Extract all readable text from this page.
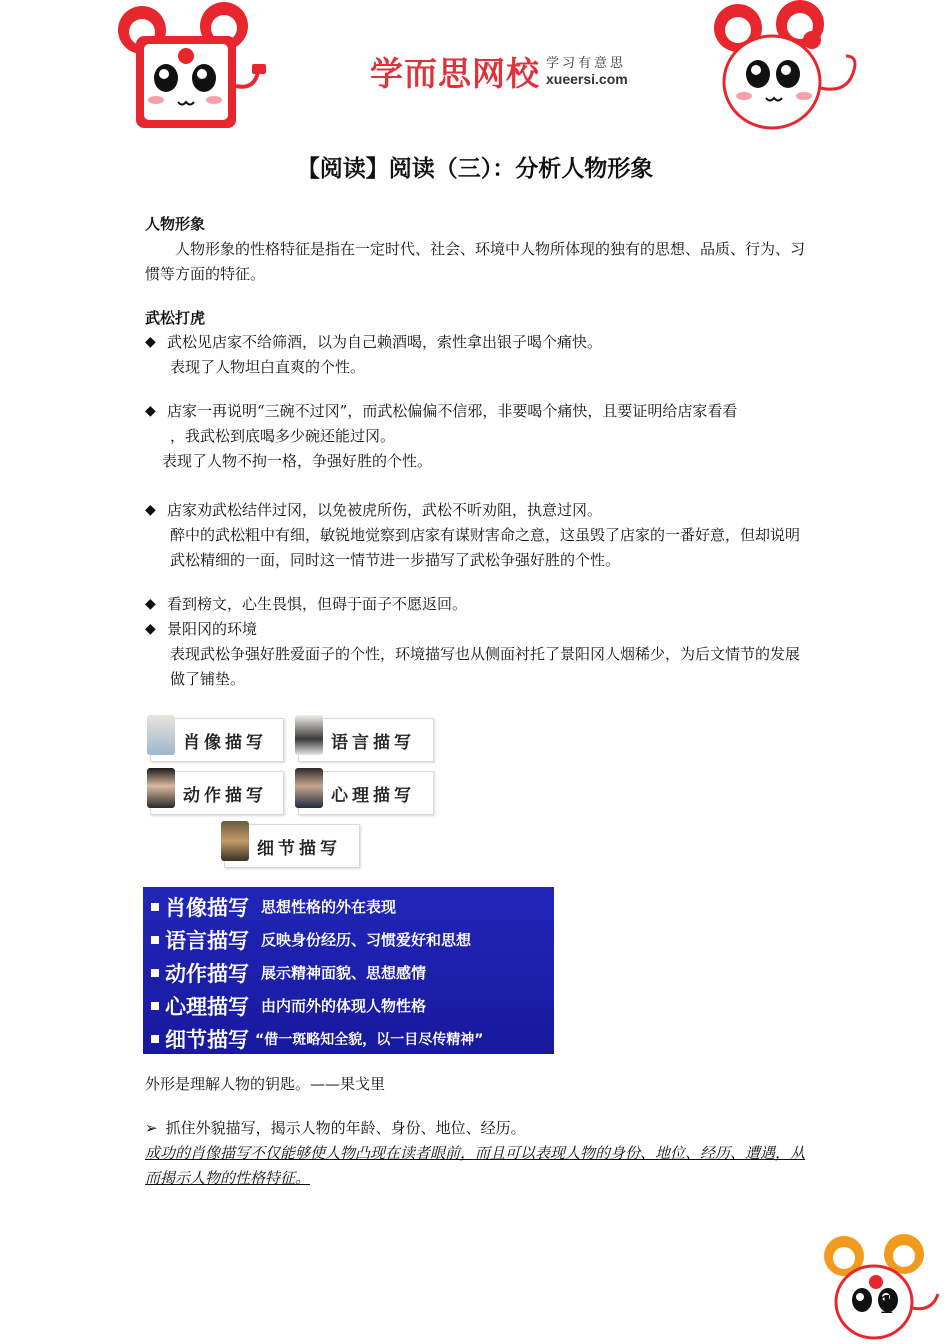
学而思网校 学习有意思
xueersi.com
【阅读】阅读（三）：分析人物形象
人物形象
人物形象的性格特征是指在一定时代、社会、环境中人物所体现的独有的思想、品质、行为、习惯等方面的特征。
武松打虎
◆ 武松见店家不给筛酒，以为自己赖酒喝，索性拿出银子喝个痛快。
表现了人物坦白直爽的个性。
◆ 店家一再说明“三碗不过冈”，而武松偏偏不信邪，非要喝个痛快，且要证明给店家看看
，我武松到底喝多少碗还能过冈。
表现了人物不拘一格，争强好胜的个性。
◆ 店家劝武松结伴过冈，以免被虎所伤，武松不听劝阻，执意过冈。
醉中的武松粗中有细，敏锐地觉察到店家有谋财害命之意，这虽毁了店家的一番好意，但却说明武松精细的一面，同时这一情节进一步描写了武松争强好胜的个性。
◆ 看到榜文，心生畏惧，但碍于面子不愿返回。
◆ 景阳冈的环境
表现武松争强好胜爱面子的个性，环境描写也从侧面衬托了景阳冈人烟稀少，为后文情节的发展做了铺垫。
肖像描写	语言描写
动作描写	心理描写
细节描写
肖像描写 思想性格的外在表现
语言描写 反映身份经历、习惯爱好和思想
动作描写 展示精神面貌、思想感情
心理描写 由内而外的体现人物性格
细节描写 “借一斑略知全貌，以一目尽传精神”
外形是理解人物的钥匙。——果戈里
➢ 抓住外貌描写，揭示人物的年龄、身份、地位、经历。
成功的肖像描写不仅能够使人物凸现在读者眼前，而且可以表现人物的身份、地位、经历、遭遇，从而揭示人物的性格特征。
1
